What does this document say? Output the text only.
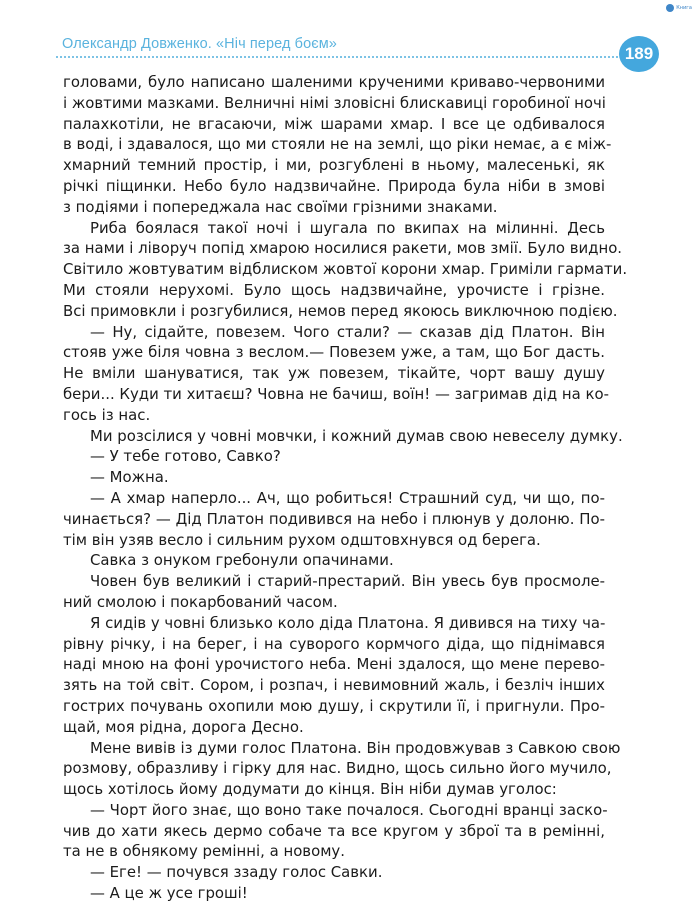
Книга
Олександр Довженко. «Ніч перед боєм»	189
головами, було написано шаленими крученими криваво-червоними
і жовтими мазками. Велничні німі зловісні блискавиці горобиної ночі
палахкотіли, не вгасаючи, між шарами хмар. І все це одбивалося
в воді, і здавалося, що ми стояли не на землі, що ріки немає, а є між-
хмарний темний простір, і ми, розгублені в ньому, малесенькі, як
річкі піщинки. Небо було надзвичайне. Природа була ніби в змові
з подіями і попереджала нас своїми грізними знаками.
Риба боялася такої ночі і шугала по вкипах на мілинні. Десь
за нами і ліворуч попід хмарою носилися ракети, мов змії. Було видно.
Світило жовтуватим відблиском жовтої корони хмар. Гриміли гармати.
Ми стояли нерухомі. Було щось надзвичайне, урочисте і грізне.
Всі примовкли і розгубилися, немов перед якоюсь виключною подією.
— Ну, сідайте, повезем. Чого стали? — сказав дід Платон. Він
стояв уже біля човна з веслом.— Повезем уже, а там, що Бог дасть.
Не вміли шануватися, так уж повезем, тікайте, чорт вашу душу
бери... Куди ти хитаєш? Човна не бачиш, воїн! — загримав дід на ко-
гось із нас.
Ми розсілися у човні мовчки, і кожний думав свою невеселу думку.
— У тебе готово, Савко?
— Можна.
— А хмар наперло... Ач, що робиться! Страшний суд, чи що, по-
чинається? — Дід Платон подивився на небо і плюнув у долоню. По-
тім він узяв весло і сильним рухом одштовхнувся од берега.
Савка з онуком гребонули опачинами.
Човен був великий і старий-престарий. Він увесь був просмоле-
ний смолою і покарбований часом.
Я сидів у човні близько коло діда Платона. Я дивився на тиху ча-
рівну річку, і на берег, і на суворого кормчого діда, що піднімався
наді мною на фоні урочистого неба. Мені здалося, що мене перево-
зять на той світ. Сором, і розпач, і невимовний жаль, і безліч інших
гострих почувань охопили мою душу, і скрутили її, і пригнули. Про-
щай, моя рідна, дорога Десно.
Мене вивів із думи голос Платона. Він продовжував з Савкою свою
розмову, образливу і гірку для нас. Видно, щось сильно його мучило,
щось хотілось йому додумати до кінця. Він ніби думав уголос:
— Чорт його знає, що воно таке почалося. Сьогодні вранці заско-
чив до хати якесь дермо собаче та все кругом у зброї та в ремінні,
та не в обнякому ремінні, а новому.
— Еге! — почувся ззаду голос Савки.
— А це ж усе гроші!
